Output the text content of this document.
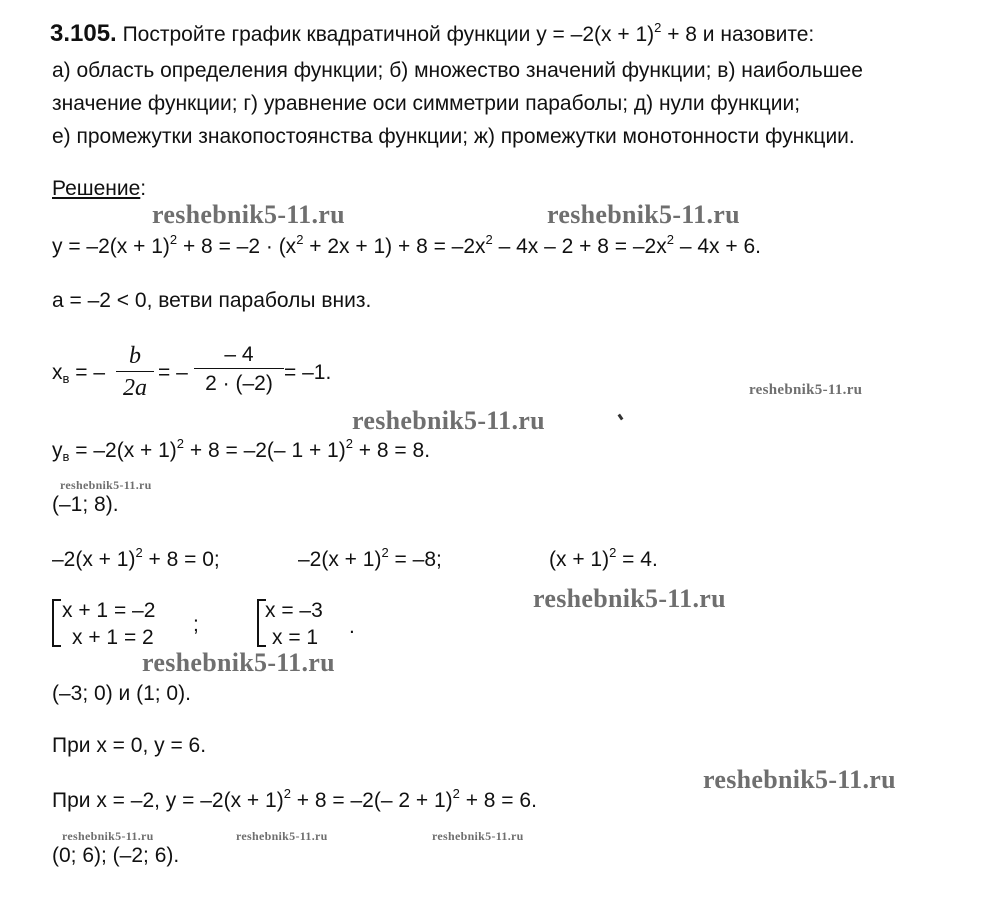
3.105. Постройте график квадратичной функции $у = -2(х + 1)^2 + 8$ и назовите:
а) область определения функции; б) множество значений функции; в) наибольшее
значение функции; г) уравнение оси симметрии параболы; д) нули функции;
е) промежутки знакопостоянства функции; ж) промежутки монотонности функции.
Решение:
$у = -2(х + 1)^2 + 8 = -2 \cdot (х^2 + 2х + 1) + 8 = -2х^2 - 4х - 2 + 8 = -2х^2 - 4х + 6$.
а = –2 < 0, ветви параболы вниз.
$х_в$ = –
b
2a
= –
– 4
2 · (–2) = –1.
$у_в = -2(х + 1)^2 + 8 = -2(-$ 1 + 1)$^2$ + 8 = 8.
(–1; 8).
$-2(х + 1)^2 + 8 = 0$;	$-2(х + 1)^2 = -8$;	$(х + 1)^2 = 4$.
х + 1 = –2
х + 1 = 2
;
х = –3
х = 1 .
(–3; 0) и (1; 0).
При х = 0, у = 6.
При х = –2, $у = -2(х + 1)^2 + 8 = -2(-$ 2 + 1)$^2$ + 8 = 6.
(0; 6); (–2; 6).
reshebnik5-11.ru	reshebnik5-11.ru
reshebnik5-11.ru
reshebnik5-11.ru
reshebnik5-11.ru
reshebnik5-11.ru
reshebnik5-11.ru
reshebnik5-11.ru
reshebnik5-11.ru	reshebnik5-11.ru	reshebnik5-11.ru
